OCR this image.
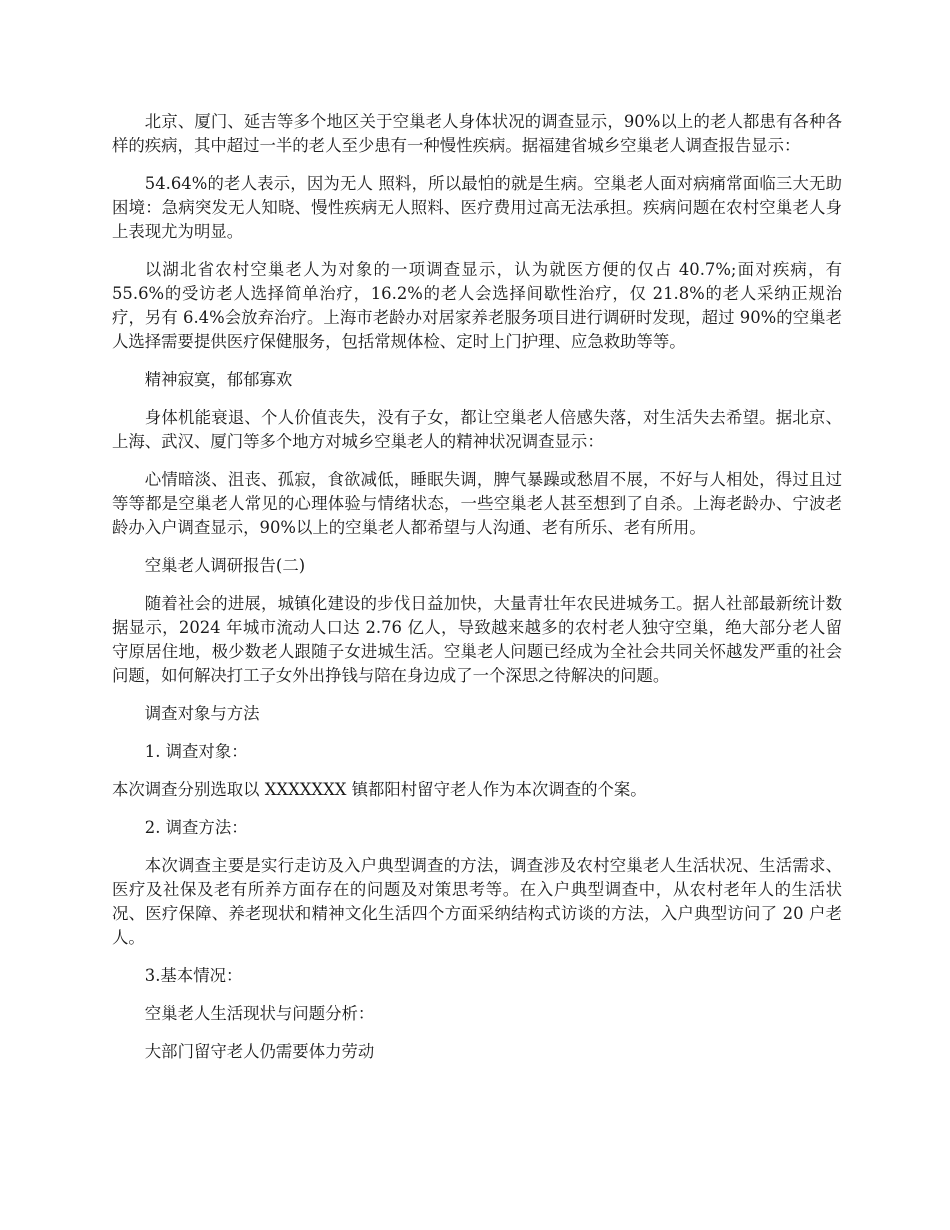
北京、厦门、延吉等多个地区关于空巢老人身体状况的调查显示，90%以上的老人都患有各种各样的疾病，其中超过一半的老人至少患有一种慢性疾病。据福建省城乡空巢老人调查报告显示：

54.64%的老人表示，因为无人 照料，所以最怕的就是生病。空巢老人面对病痛常面临三大无助困境：急病突发无人知晓、慢性疾病无人照料、医疗费用过高无法承担。疾病问题在农村空巢老人身上表现尤为明显。

以湖北省农村空巢老人为对象的一项调查显示，认为就医方便的仅占 40.7%;面对疾病，有 55.6%的受访老人选择简单治疗，16.2%的老人会选择间歇性治疗，仅 21.8%的老人采纳正规治疗，另有 6.4%会放弃治疗。上海市老龄办对居家养老服务项目进行调研时发现，超过 90%的空巢老人选择需要提供医疗保健服务，包括常规体检、定时上门护理、应急救助等等。

精神寂寞，郁郁寡欢

身体机能衰退、个人价值丧失，没有子女，都让空巢老人倍感失落，对生活失去希望。据北京、上海、武汉、厦门等多个地方对城乡空巢老人的精神状况调查显示：

心情暗淡、沮丧、孤寂，食欲减低，睡眠失调，脾气暴躁或愁眉不展，不好与人相处，得过且过等等都是空巢老人常见的心理体验与情绪状态，一些空巢老人甚至想到了自杀。上海老龄办、宁波老龄办入户调查显示，90%以上的空巢老人都希望与人沟通、老有所乐、老有所用。

空巢老人调研报告(二)

随着社会的进展，城镇化建设的步伐日益加快，大量青壮年农民进城务工。据人社部最新统计数据显示，2024 年城市流动人口达 2.76 亿人，导致越来越多的农村老人独守空巢，绝大部分老人留守原居住地，极少数老人跟随子女进城生活。空巢老人问题已经成为全社会共同关怀越发严重的社会问题，如何解决打工子女外出挣钱与陪在身边成了一个深思之待解决的问题。

调查对象与方法

1. 调查对象：

本次调查分别选取以 XXXXXXX 镇都阳村留守老人作为本次调查的个案。

2. 调查方法：

本次调查主要是实行走访及入户典型调查的方法，调查涉及农村空巢老人生活状况、生活需求、医疗及社保及老有所养方面存在的问题及对策思考等。在入户典型调查中，从农村老年人的生活状况、医疗保障、养老现状和精神文化生活四个方面采纳结构式访谈的方法，入户典型访问了 20 户老人。

3.基本情况：

空巢老人生活现状与问题分析：

大部门留守老人仍需要体力劳动
